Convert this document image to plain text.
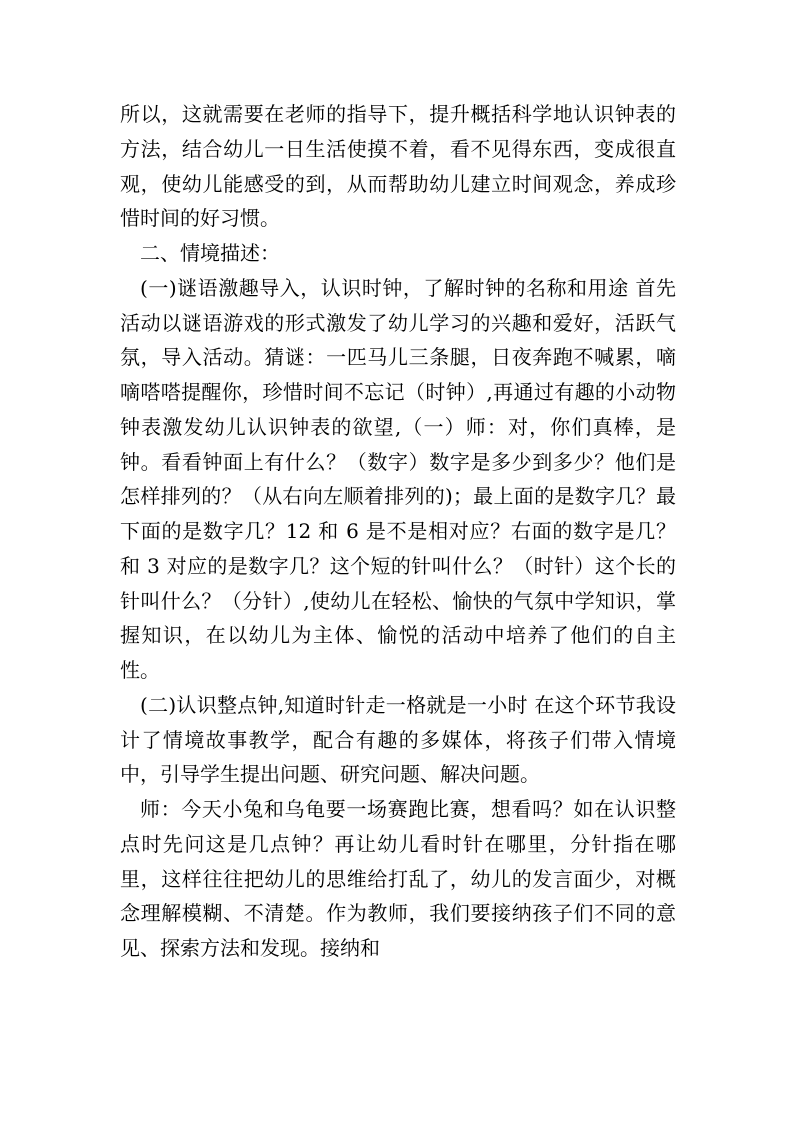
所以，这就需要在老师的指导下，提升概括科学地认识钟表的方法，结合幼儿一日生活使摸不着，看不见得东西，变成很直观，使幼儿能感受的到，从而帮助幼儿建立时间观念，养成珍惜时间的好习惯。

二、情境描述：

(一)谜语激趣导入，认识时钟，了解时钟的名称和用途 首先活动以谜语游戏的形式激发了幼儿学习的兴趣和爱好，活跃气氛，导入活动。猜谜：一匹马儿三条腿，日夜奔跑不喊累，嘀嘀嗒嗒提醒你，珍惜时间不忘记（时钟）,再通过有趣的小动物钟表激发幼儿认识钟表的欲望,（一）师：对，你们真棒，是钟。看看钟面上有什么？（数字）数字是多少到多少？他们是怎样排列的？（从右向左顺着排列的)；最上面的是数字几？最下面的是数字几？12 和 6 是不是相对应？右面的数字是几？和 3 对应的是数字几？这个短的针叫什么？（时针）这个长的针叫什么？（分针）,使幼儿在轻松、愉快的气氛中学知识，掌握知识，在以幼儿为主体、愉悦的活动中培养了他们的自主性。

(二)认识整点钟,知道时针走一格就是一小时 在这个环节我设计了情境故事教学，配合有趣的多媒体，将孩子们带入情境中，引导学生提出问题、研究问题、解决问题。

师：今天小兔和乌龟要一场赛跑比赛，想看吗？如在认识整点时先问这是几点钟？再让幼儿看时针在哪里，分针指在哪里，这样往往把幼儿的思维给打乱了，幼儿的发言面少，对概念理解模糊、不清楚。作为教师，我们要接纳孩子们不同的意见、探索方法和发现。接纳和
